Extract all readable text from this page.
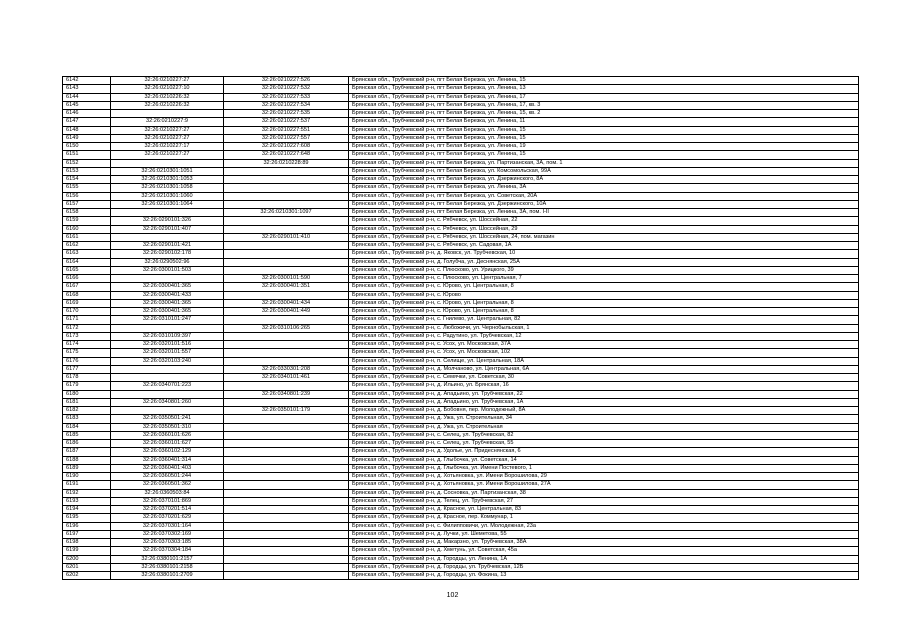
6142	32:26:0210227:27	32:26:0210227:526	Брянская обл., Трубчевский р-н, пгт Белая Березка, ул. Ленина, 15
6143	32:26:0210227:10	32:26:0210227:532	Брянская обл., Трубчевский р-н, пгт Белая Березка, ул. Ленина, 13
6144	32:26:0210226:32	32:26:0210227:533	Брянская обл., Трубчевский р-н, пгт Белая Березка, ул. Ленина, 17
6145	32:26:0210226:32	32:26:0210227:534	Брянская обл., Трубчевский р-н, пгт Белая Березка, ул. Ленина, 17, кв. 3
6146		32:26:0210227:535	Брянская обл., Трубчевский р-н, пгт Белая Березка, ул. Ленина, 15, кв. 2
6147	32:26:0210227:9	32:26:0210227:537	Брянская обл., Трубчевский р-н, пгт Белая Березка, ул. Ленина, 11
6148	32:26:0210227:27	32:26:0210227:551	Брянская обл., Трубчевский р-н, пгт Белая Березка, ул. Ленина, 15
6149	32:26:0210227:27	32:26:0210227:557	Брянская обл., Трубчевский р-н, пгт Белая Березка, ул. Ленина, 15
6150	32:26:0210227:17	32:26:0210227:608	Брянская обл., Трубчевский р-н, пгт Белая Березка, ул. Ленина, 19
6151	32:26:0210227:27	32:26:0210227:648	Брянская обл., Трубчевский р-н, пгт Белая Березка, ул. Ленина, 15
6152		32:26:0210228:89	Брянская обл., Трубчевский р-н, пгт Белая Березка, ул. Партизанская, 3А, пом. 1
6153	32:26:0210301:1051		Брянская обл., Трубчевский р-н, пгт Белая Березка, ул. Комсомольская, 99А
6154	32:26:0210301:1053		Брянская обл., Трубчевский р-н, пгт Белая Березка, ул. Дзержинского, 8А
6155	32:26:0210301:1058		Брянская обл., Трубчевский р-н, пгт Белая Березка, ул. Ленина, 3А
6156	32:26:0210301:1060		Брянская обл., Трубчевский р-н, пгт Белая Березка, ул. Советская, 20А
6157	32:26:0210301:1064		Брянская обл., Трубчевский р-н, пгт Белая Березка, ул. Дзержинского, 10А
6158		32:26:0210301:1097	Брянская обл., Трубчевский р-н, пгт Белая Березка, ул. Ленина, 3А, пом. I-II
6159	32:26:0290101:326		Брянская обл., Трубчевский р-н, с. Рябчевск, ул. Шоссейная, 22
6160	32:26:0290101:407		Брянская обл., Трубчевский р-н, с. Рябчевск, ул. Шоссейная, 29
6161		32:26:0290101:410	Брянская обл., Трубчевский р-н, с. Рябчевск, ул. Шоссейная, 24, пом. магазин
6162	32:26:0290101:421		Брянская обл., Трубчевский р-н, с. Рябчевск, ул. Садовая, 1А
6163	32:26:0290102:178		Брянская обл., Трубчевский р-н, д. Яковск, ул. Трубчевская, 10
6164	32:26:0290502:96		Брянская обл., Трубчевский р-н, д. Голубча, ул. Деснянская, 25А
6165	32:26:0300101:503		Брянская обл., Трубчевский р-н, с. Плюсково, ул. Урицкого, 39
6166		32:26:0300101:590	Брянская обл., Трубчевский р-н, с. Плюсково, ул. Центральная, 7
6167	32:26:0300401:365	32:26:0300401:351	Брянская обл., Трубчевский р-н, с. Юрово, ул. Центральная, 8
6168	32:26:0300401:433		Брянская обл., Трубчевский р-н, с. Юрово
6169	32:26:0300401:365	32:26:0300401:434	Брянская обл., Трубчевский р-н, с. Юрово, ул. Центральная, 8
6170	32:26:0300401:365	32:26:0300401:449	Брянская обл., Трубчевский р-н, с. Юрово, ул. Центральная, 8
6171	32:26:0310101:247		Брянская обл., Трубчевский р-н, с. Гнилево, ул. Центральная, 82
6172		32:26:0310106:265	Брянская обл., Трубчевский р-н, с. Любожичи, ул. Чернобыльская, 1
6173	32:26:0310109:397		Брянская обл., Трубчевский р-н, с. Радутино, ул. Трубчевская, 12
6174	32:26:0320101:516		Брянская обл., Трубчевский р-н, с. Усох, ул. Московская, 37А
6175	32:26:0320101:557		Брянская обл., Трубчевский р-н, с. Усох, ул. Московская, 102
6176	32:26:0320103:240		Брянская обл., Трубчевский р-н, п. Селище, ул. Центральная, 18А
6177		32:26:0330301:208	Брянская обл., Трубчевский р-н, д. Молчаново, ул. Центральная, 6А
6178		32:26:0340101:461	Брянская обл., Трубчевский р-н, с. Семячки, ул. Советская, 30
6179	32:26:0340701:223		Брянская обл., Трубчевский р-н, д. Ильино, ул. Брянская, 16
6180		32:26:0340801:239	Брянская обл., Трубчевский р-н, д. Ападьино, ул. Трубчевская, 22
6181	32:26:0340801:260		Брянская обл., Трубчевский р-н, д. Ападьино, ул. Трубчевская, 1А
6182		32:26:0350101:179	Брянская обл., Трубчевский р-н, д. Бобовня, пер. Молодежный, 8А
6183	32:26:0350501:241		Брянская обл., Трубчевский р-н, д. Ужа, ул. Строительная, 34
6184	32:26:0350501:310		Брянская обл., Трубчевский р-н, д. Ужа, ул. Строительная
6185	32:26:0360101:626		Брянская обл., Трубчевский р-н, с. Селец, ул. Трубчевская, 82
6186	32:26:0360101:627		Брянская обл., Трубчевский р-н, с. Селец, ул. Трубчевская, 55
6187	32:26:0360102:129		Брянская обл., Трубчевский р-н, д. Удолье, ул. Придеснянская, 6
6188	32:26:0360401:314		Брянская обл., Трубчевский р-н, д. Глыбочка, ул. Советская, 14
6189	32:26:0360401:403		Брянская обл., Трубчевский р-н, д. Глыбочка, ул. Имени Постевого, 1
6190	32:26:0360501:244		Брянская обл., Трубчевский р-н, д. Хотьяновка, ул. Имени Ворошилова, 29
6191	32:26:0360501:362		Брянская обл., Трубчевский р-н, д. Хотьяновка, ул. Имени Ворошилова, 27А
6192	32:26:0360503:84		Брянская обл., Трубчевский р-н, д. Сосновка, ул. Партизанская, 38
6193	32:26:0370101:869		Брянская обл., Трубчевский р-н, д. Телец, ул. Трубчевская, 27
6194	32:26:0370201:514		Брянская обл., Трубчевский р-н, д. Красное, ул. Центральная, 83
6195	32:26:0370201:629		Брянская обл., Трубчевский р-н, д. Красное, пер. Коммунар, 1
6196	32:26:0370301:164		Брянская обл., Трубчевский р-н, с. Филипповичи, ул. Молодежная, 23а
6197	32:26:0370302:169		Брянская обл., Трубчевский р-н, д. Лучки, ул. Шеметова, 55
6198	32:26:0370303:185		Брянская обл., Трубчевский р-н, д. Макарзно, ул. Трубчевская, 38А
6199	32:26:0370304:184		Брянская обл., Трубчевский р-н, д. Хметунь, ул. Советская, 45а
6200	32:26:0380101:2157		Брянская обл., Трубчевский р-н, д. Городцы, ул. Ленина, 1А
6201	32:26:0380101:2158		Брянская обл., Трубчевский р-н, д. Городцы, ул. Трубчевская, 12Б
6202	32:26:0380101:2709		Брянская обл., Трубчевский р-н, д. Городцы, ул. Фокина, 13
102
